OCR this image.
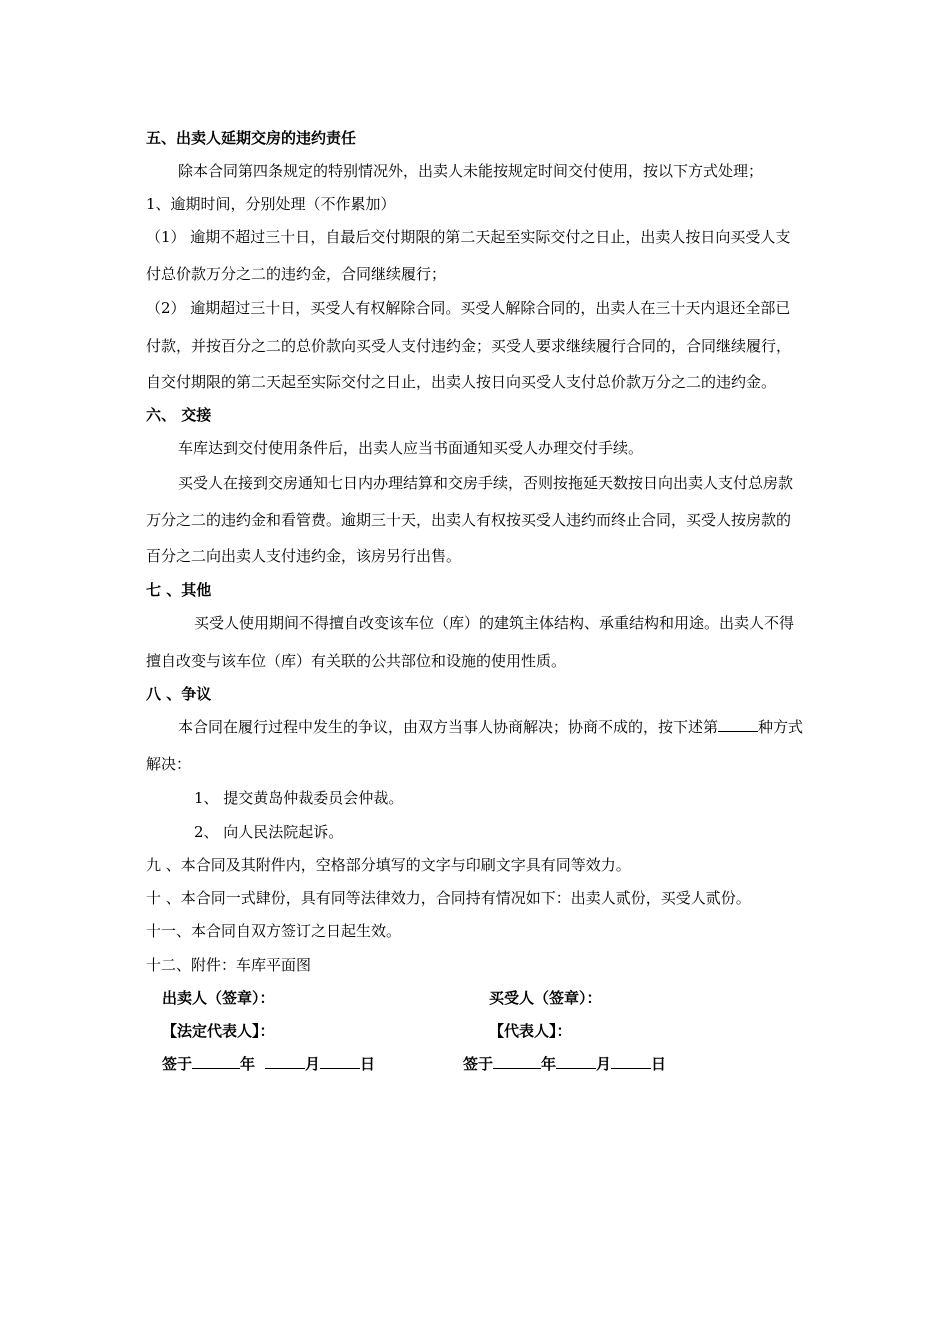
五、出卖人延期交房的违约责任
除本合同第四条规定的特别情况外，出卖人未能按规定时间交付使用，按以下方式处理；
1、逾期时间，分别处理（不作累加）
（1） 逾期不超过三十日，自最后交付期限的第二天起至实际交付之日止，出卖人按日向买受人支
付总价款万分之二的违约金，合同继续履行；
（2） 逾期超过三十日，买受人有权解除合同。买受人解除合同的，出卖人在三十天内退还全部已
付款，并按百分之二的总价款向买受人支付违约金；买受人要求继续履行合同的，合同继续履行，
自交付期限的第二天起至实际交付之日止，出卖人按日向买受人支付总价款万分之二的违约金。
六、 交接
车库达到交付使用条件后，出卖人应当书面通知买受人办理交付手续。
买受人在接到交房通知七日内办理结算和交房手续，否则按拖延天数按日向出卖人支付总房款
万分之二的违约金和看管费。逾期三十天，出卖人有权按买受人违约而终止合同，买受人按房款的
百分之二向出卖人支付违约金，该房另行出售。
七 、其他
买受人使用期间不得擅自改变该车位（库）的建筑主体结构、承重结构和用途。出卖人不得
擅自改变与该车位（库）有关联的公共部位和设施的使用性质。
八 、争议
本合同在履行过程中发生的争议，由双方当事人协商解决；协商不成的，按下述第	种方式
解决：
1、 提交黄岛仲裁委员会仲裁。
2、 向人民法院起诉。
九 、本合同及其附件内，空格部分填写的文字与印刷文字具有同等效力。
十 、本合同一式肆份，具有同等法律效力，合同持有情况如下：出卖人贰份，买受人贰份。
十一、本合同自双方签订之日起生效。
十二、附件：车库平面图
出卖人（签章）：	买受人（签章）：
【法定代表人】：	【代表人】：
签于	年	月	日	签于	年	月	日
